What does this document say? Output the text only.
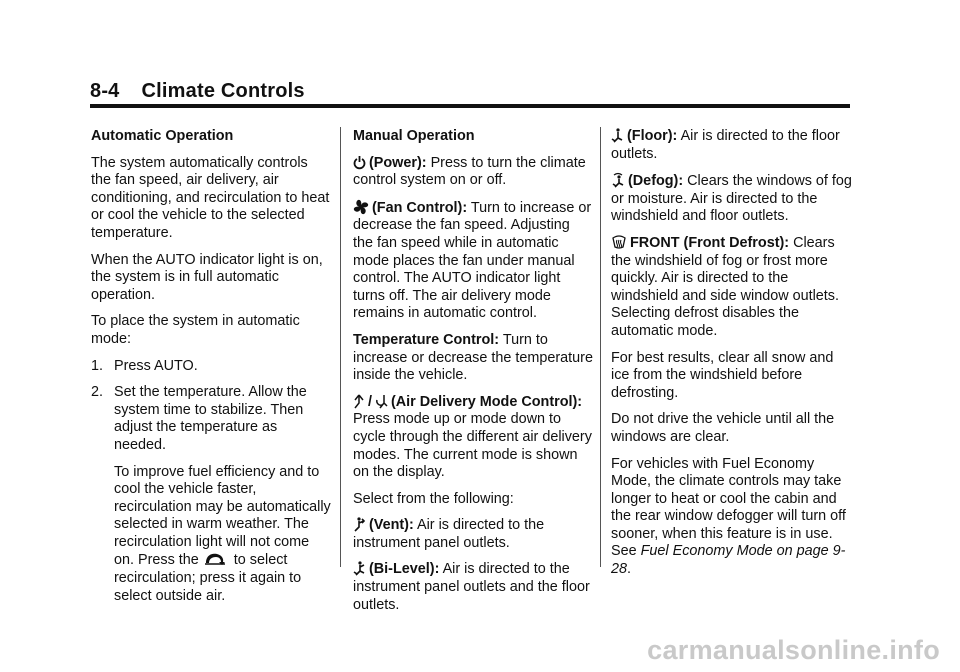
8-4 Climate Controls

Automatic Operation

The system automatically controls the fan speed, air delivery, air conditioning, and recirculation to heat or cool the vehicle to the selected temperature.

When the AUTO indicator light is on, the system is in full automatic operation.

To place the system in automatic mode:

1. Press AUTO.
2. Set the temperature. Allow the system time to stabilize. Then adjust the temperature as needed.

To improve fuel efficiency and to cool the vehicle faster, recirculation may be automatically selected in warm weather. The recirculation light will not come on. Press the to select recirculation; press it again to select outside air.

Manual Operation

(Power): Press to turn the climate control system on or off.

(Fan Control): Turn to increase or decrease the fan speed. Adjusting the fan speed while in automatic mode places the fan under manual control. The AUTO indicator light turns off. The air delivery mode remains in automatic control.

Temperature Control: Turn to increase or decrease the temperature inside the vehicle.

/ (Air Delivery Mode Control): Press mode up or mode down to cycle through the different air delivery modes. The current mode is shown on the display.

Select from the following:

(Vent): Air is directed to the instrument panel outlets.

(Bi-Level): Air is directed to the instrument panel outlets and the floor outlets.

(Floor): Air is directed to the floor outlets.

(Defog): Clears the windows of fog or moisture. Air is directed to the windshield and floor outlets.

FRONT (Front Defrost): Clears the windshield of fog or frost more quickly. Air is directed to the windshield and side window outlets. Selecting defrost disables the automatic mode.

For best results, clear all snow and ice from the windshield before defrosting.

Do not drive the vehicle until all the windows are clear.

For vehicles with Fuel Economy Mode, the climate controls may take longer to heat or cool the cabin and the rear window defogger will turn off sooner, when this feature is in use. See Fuel Economy Mode on page 9-28.

carmanualsonline.info
